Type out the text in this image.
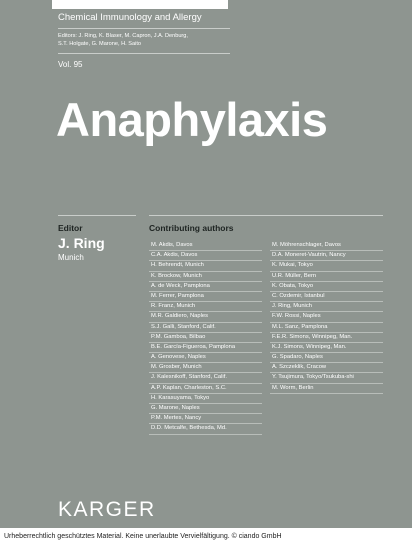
Chemical Immunology and Allergy
Editors: J. Ring, K. Blaser, M. Capron, J.A. Denburg,
S.T. Holgate, G. Marone, H. Saito
Vol. 95
Anaphylaxis
Editor
J. Ring
Munich
Contributing authors
M. Akdis, Davos
C.A. Akdis, Davos
H. Behrendt, Munich
K. Brockow, Munich
A. de Weck, Pamplona
M. Ferrer, Pamplona
R. Franz, Munich
M.R. Galdiero, Naples
S.J. Galli, Stanford, Calif.
P.M. Gamboa, Bilbao
B.E. García-Figueroa, Pamplona
A. Genovese, Naples
M. Grosber, Munich
J. Kalesnikoff, Stanford, Calif.
A.P. Kaplan, Charleston, S.C.
H. Karasuyama, Tokyo
G. Marone, Naples
P.M. Mertes, Nancy
D.D. Metcalfe, Bethesda, Md.
M. Möhrenschlager, Davos
D.A. Moneret-Vautrin, Nancy
K. Mukai, Tokyo
U.R. Müller, Bern
K. Obata, Tokyo
C. Ozdemir, Istanbul
J. Ring, Munich
F.W. Rossi, Naples
M.L. Sanz, Pamplona
F.E.R. Simons, Winnipeg, Man.
K.J. Simons, Winnipeg, Man.
G. Spadaro, Naples
A. Szczeklik, Cracow
Y. Tsujimura, Tokyo/Tsukuba-shi
M. Worm, Berlin
KARGER
Urheberrechtlich geschütztes Material. Keine unerlaubte Vervielfältigung. © ciando GmbH
